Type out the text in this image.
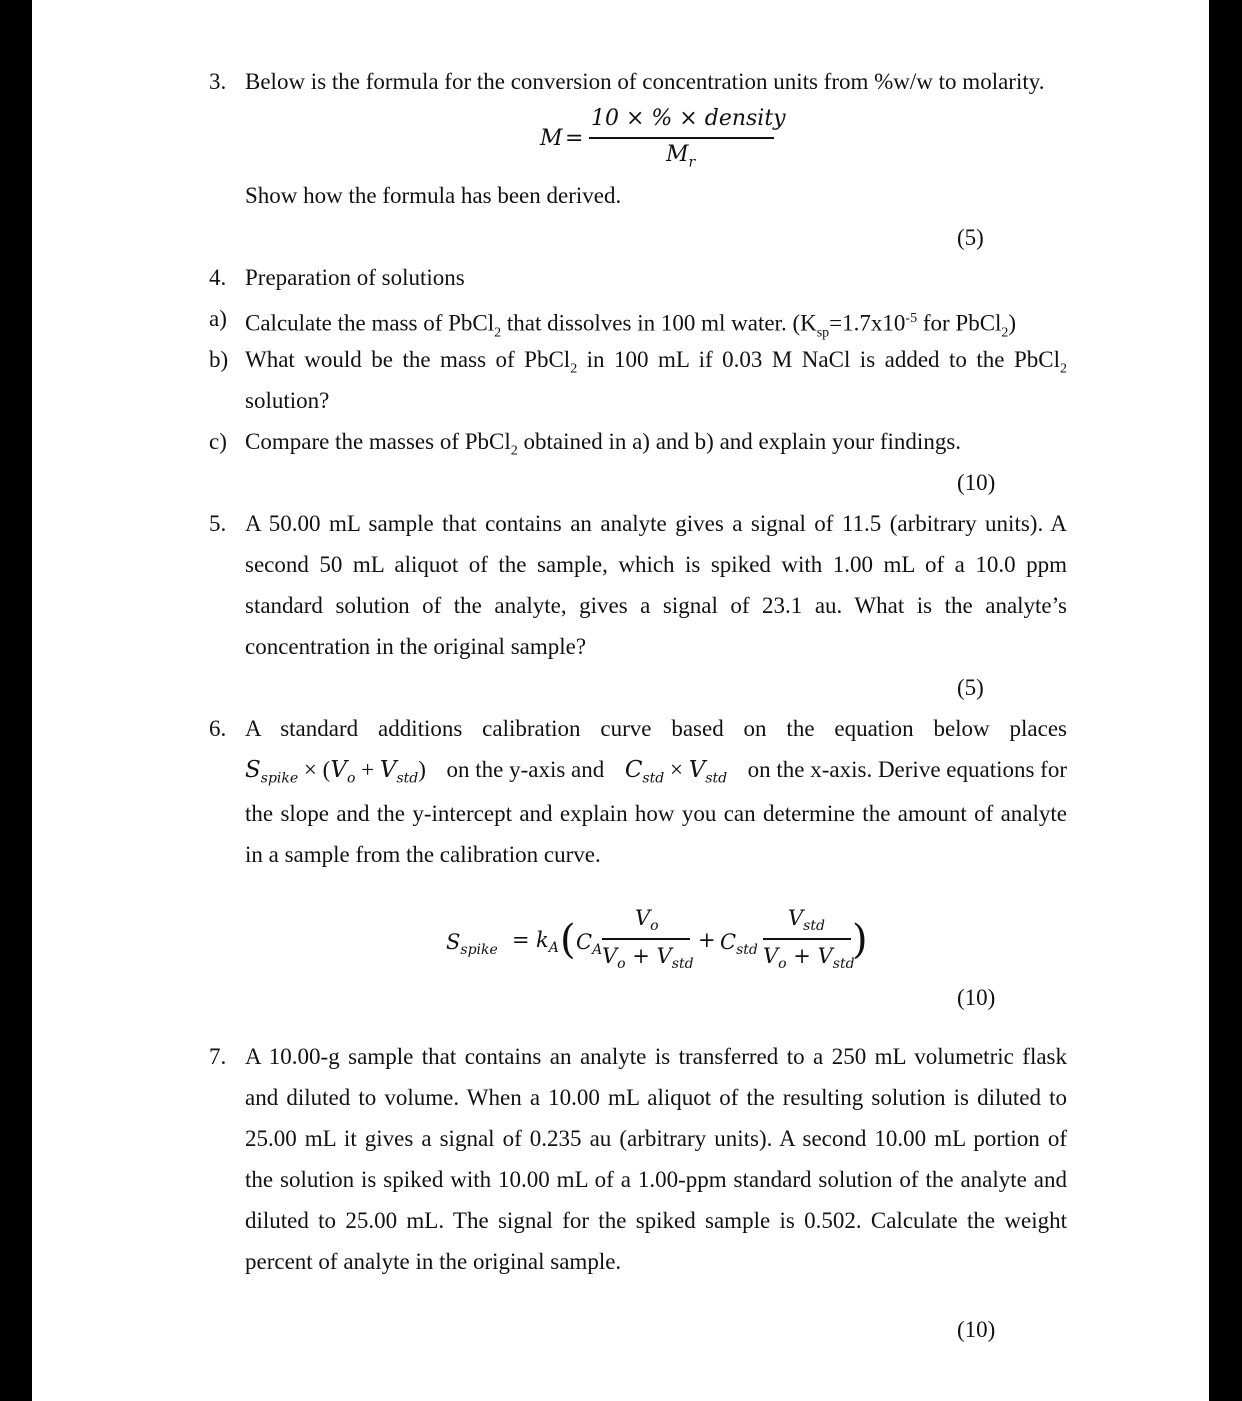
3. Below is the formula for the conversion of concentration units from %w/w to molarity.
M =
10 × % × density
$M_r$
Show how the formula has been derived.
(5)
4. Preparation of solutions
a) Calculate the mass of PbCl$_2$ that dissolves in 100 ml water. ($K_{sp}=1.7x10^{-5}$ for PbCl$_2$)
b) What would be the mass of PbCl$_2$ in 100 mL if 0.03 M NaCl is added to the PbCl$_2$
solution?
c) Compare the masses of PbCl$_2$ obtained in a) and b) and explain your findings.
(10)
5. A 50.00 mL sample that contains an analyte gives a signal of 11.5 (arbitrary units). A
second 50 mL aliquot of the sample, which is spiked with 1.00 mL of a 10.0 ppm
standard solution of the analyte, gives a signal of 23.1 au. What is the analyte’s
concentration in the original sample?
(5)
6. A standard additions calibration curve based on the equation below places
$S_{spike} \times (V_o + V_{std})$ on the y-axis and $C_{std} \times V_{std}$ on the x-axis. Derive equations for
the slope and the y-intercept and explain how you can determine the amount of analyte
in a sample from the calibration curve.
$S_{spike} = k_A$ ( $C_A$
$V_o$
$V_o + V_{std}$
+ $C_{std}$
$V_{std}$
$V_o + V_{std}$
)
(10)
7. A 10.00-g sample that contains an analyte is transferred to a 250 mL volumetric flask
and diluted to volume. When a 10.00 mL aliquot of the resulting solution is diluted to
25.00 mL it gives a signal of 0.235 au (arbitrary units). A second 10.00 mL portion of
the solution is spiked with 10.00 mL of a 1.00-ppm standard solution of the analyte and
diluted to 25.00 mL. The signal for the spiked sample is 0.502. Calculate the weight
percent of analyte in the original sample.
(10)
